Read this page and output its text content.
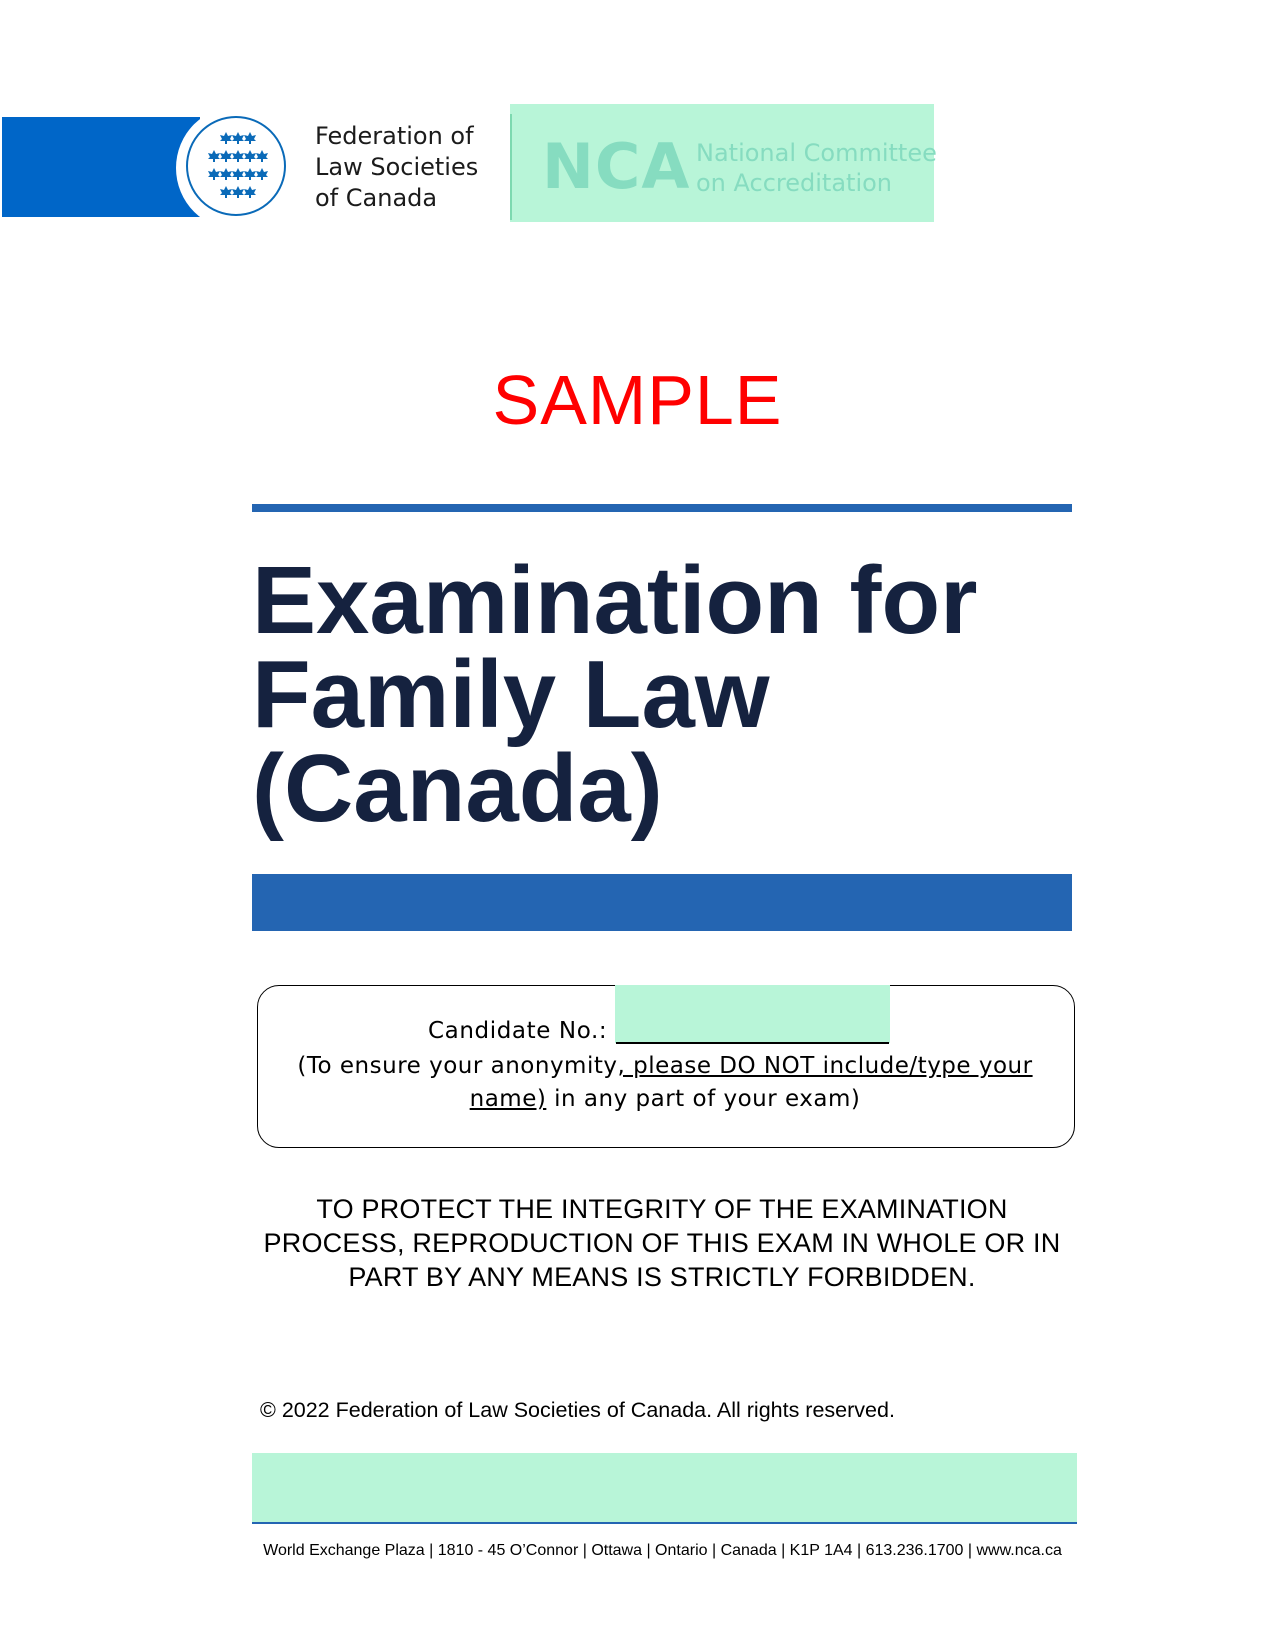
Federation of
Law Societies
of Canada	NCA National Committee
on Accreditation
SAMPLE
Examination for
Family Law
(Canada)
Candidate No.:
(To ensure your anonymity, please DO NOT include/type your name) in any part of your exam)
TO PROTECT THE INTEGRITY OF THE EXAMINATION
PROCESS, REPRODUCTION OF THIS EXAM IN WHOLE OR IN
PART BY ANY MEANS IS STRICTLY FORBIDDEN.
© 2022 Federation of Law Societies of Canada. All rights reserved.
World Exchange Plaza | 1810 - 45 O’Connor | Ottawa | Ontario | Canada | K1P 1A4 | 613.236.1700 | www.nca.ca
